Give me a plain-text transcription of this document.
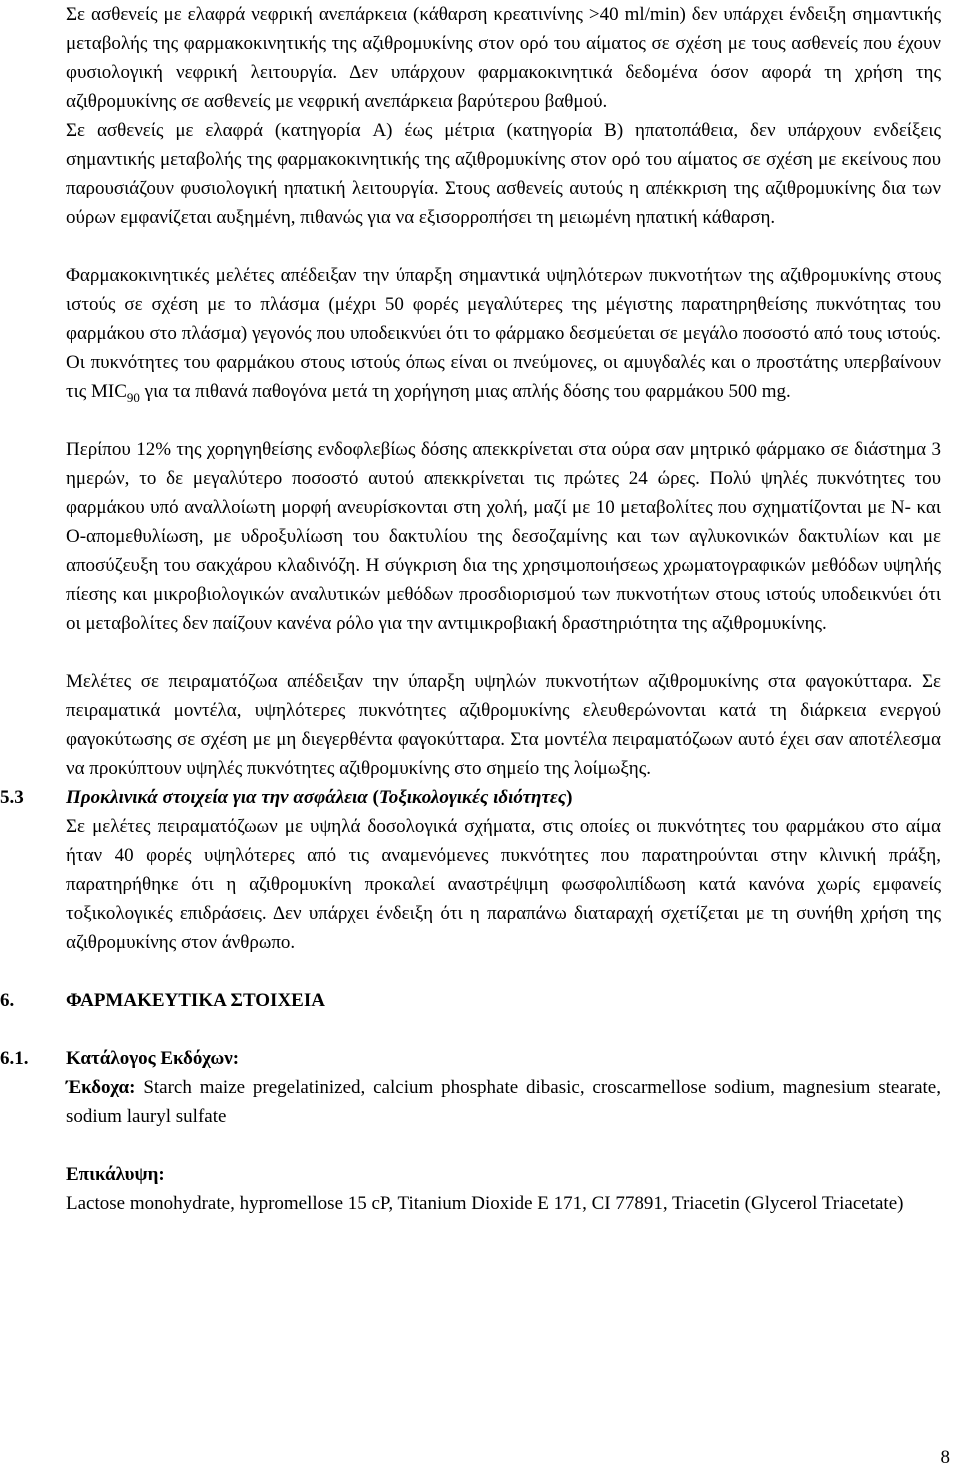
Σε ασθενείς με ελαφρά νεφρική ανεπάρκεια (κάθαρση κρεατινίνης >40 ml/min) δεν υπάρχει ένδειξη σημαντικής μεταβολής της φαρμακοκινητικής της αζιθρομυκίνης στον ορό του αίματος σε σχέση με τους ασθενείς που έχουν φυσιολογική νεφρική λειτουργία. Δεν υπάρχουν φαρμακοκινητικά δεδομένα όσον αφορά τη χρήση της αζιθρομυκίνης σε ασθενείς με νεφρική ανεπάρκεια βαρύτερου βαθμού.

Σε ασθενείς με ελαφρά (κατηγορία A) έως μέτρια (κατηγορία B) ηπατοπάθεια, δεν υπάρχουν ενδείξεις σημαντικής μεταβολής της φαρμακοκινητικής της αζιθρομυκίνης στον ορό του αίματος σε σχέση με εκείνους που παρουσιάζουν φυσιολογική ηπατική λειτουργία. Στους ασθενείς αυτούς η απέκκριση της αζιθρομυκίνης δια των ούρων εμφανίζεται αυξημένη, πιθανώς για να εξισορροπήσει τη μειωμένη ηπατική κάθαρση.

Φαρμακοκινητικές μελέτες απέδειξαν την ύπαρξη σημαντικά υψηλότερων πυκνοτήτων της αζιθρομυκίνης στους ιστούς σε σχέση με το πλάσμα (μέχρι 50 φορές μεγαλύτερες της μέγιστης παρατηρηθείσης πυκνότητας του φαρμάκου στο πλάσμα) γεγονός που υποδεικνύει ότι το φάρμακο δεσμεύεται σε μεγάλο ποσοστό από τους ιστούς. Οι πυκνότητες του φαρμάκου στους ιστούς όπως είναι οι πνεύμονες, οι αμυγδαλές και ο προστάτης υπερβαίνουν τις $MIC_{90}$ για τα πιθανά παθογόνα μετά τη χορήγηση μιας απλής δόσης του φαρμάκου 500 mg.

Περίπου 12% της χορηγηθείσης ενδοφλεβίως δόσης απεκκρίνεται στα ούρα σαν μητρικό φάρμακο σε διάστημα 3 ημερών, το δε μεγαλύτερο ποσοστό αυτού απεκκρίνεται τις πρώτες 24 ώρες. Πολύ ψηλές πυκνότητες του φαρμάκου υπό αναλλοίωτη μορφή ανευρίσκονται στη χολή, μαζί με 10 μεταβολίτες που σχηματίζονται με N- και O-απομεθυλίωση, με υδροξυλίωση του δακτυλίου της δεσοζαμίνης και των αγλυκονικών δακτυλίων και με αποσύζευξη του σακχάρου κλαδινόζη. Η σύγκριση δια της χρησιμοποιήσεως χρωματογραφικών μεθόδων υψηλής πίεσης και μικροβιολογικών αναλυτικών μεθόδων προσδιορισμού των πυκνοτήτων στους ιστούς υποδεικνύει ότι οι μεταβολίτες δεν παίζουν κανένα ρόλο για την αντιμικροβιακή δραστηριότητα της αζιθρομυκίνης.

Μελέτες σε πειραματόζωα απέδειξαν την ύπαρξη υψηλών πυκνοτήτων αζιθρομυκίνης στα φαγοκύτταρα. Σε πειραματικά μοντέλα, υψηλότερες πυκνότητες αζιθρομυκίνης ελευθερώνονται κατά τη διάρκεια ενεργού φαγοκύτωσης σε σχέση με μη διεγερθέντα φαγοκύτταρα. Στα μοντέλα πειραματόζωων αυτό έχει σαν αποτέλεσμα να προκύπτουν υψηλές πυκνότητες αζιθρομυκίνης στο σημείο της λοίμωξης.

5.3 Προκλινικά στοιχεία για την ασφάλεια (Τοξικολογικές ιδιότητες)

Σε μελέτες πειραματόζωων με υψηλά δοσολογικά σχήματα, στις οποίες οι πυκνότητες του φαρμάκου στο αίμα ήταν 40 φορές υψηλότερες από τις αναμενόμενες πυκνότητες που παρατηρούνται στην κλινική πράξη, παρατηρήθηκε ότι η αζιθρομυκίνη προκαλεί αναστρέψιμη φωσφολιπίδωση κατά κανόνα χωρίς εμφανείς τοξικολογικές επιδράσεις. Δεν υπάρχει ένδειξη ότι η παραπάνω διαταραχή σχετίζεται με τη συνήθη χρήση της αζιθρομυκίνης στον άνθρωπο.

6.	ΦΑΡΜΑΚΕΥΤΙΚΑ ΣΤΟΙΧΕΙΑ

6.1. Κατάλογος Εκδόχων:

Έκδοχα: Starch maize pregelatinized, calcium phosphate dibasic, croscarmellose sodium, magnesium stearate, sodium lauryl sulfate

Επικάλυψη:

Lactose monohydrate, hypromellose 15 cP, Titanium Dioxide E 171, CI 77891, Triacetin (Glycerol Triacetate)

8
